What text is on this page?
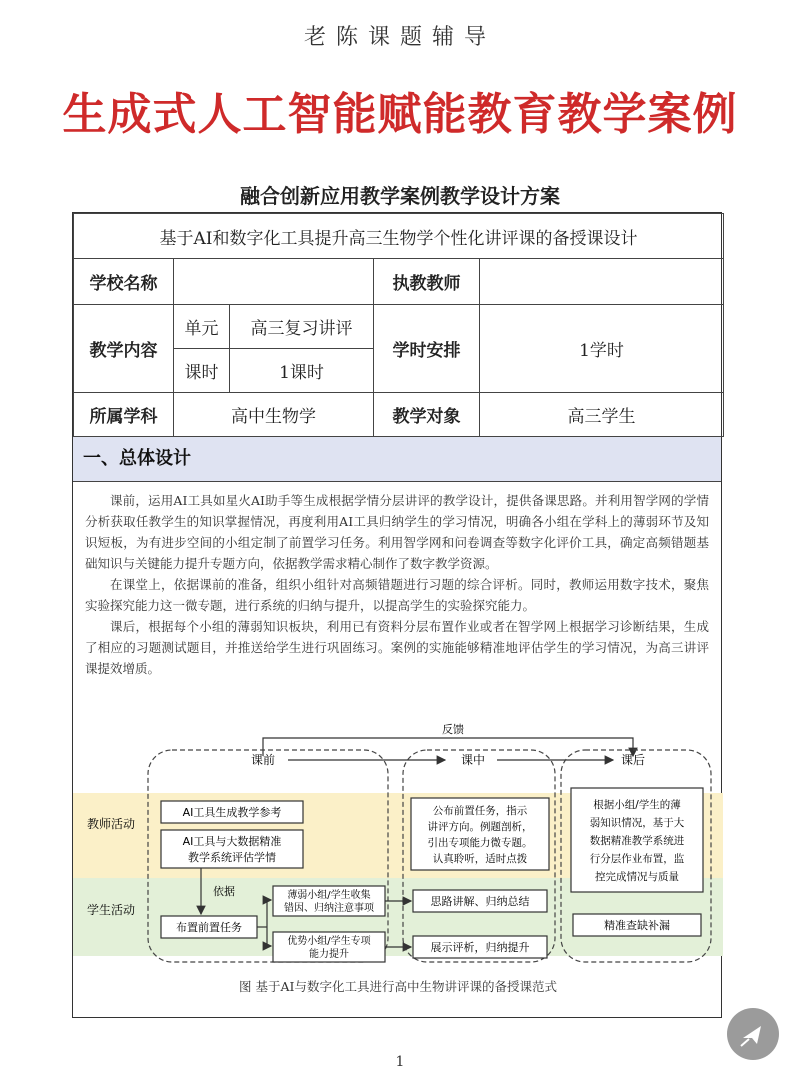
老陈课题辅导
生成式人工智能赋能教育教学案例
融合创新应用教学案例教学设计方案
基于AI和数字化工具提升高三生物学个性化讲评课的备授课设计				
学校名称			执教教师	
教学内容	单元	高三复习讲评	学时安排	1学时
	课时	1课时		
所属学科	高中生物学		教学对象	高三学生
一、总体设计

课前，运用AI工具如星火AI助手等生成根据学情分层讲评的教学设计，提供备课思路。并利用智学网的学情分析获取任教学生的知识掌握情况，再度利用AI工具归纳学生的学习情况，明确各小组在学科上的薄弱环节及知识短板，为有进步空间的小组定制了前置学习任务。利用智学网和问卷调查等数字化评价工具，确定高频错题基础知识与关键能力提升专题方向，依据教学需求精心制作了数字教学资源。

在课堂上，依据课前的准备，组织小组针对高频错题进行习题的综合评析。同时，教师运用数字技术，聚焦实验探究能力这一微专题，进行系统的归纳与提升，以提高学生的实验探究能力。

课后，根据每个小组的薄弱知识板块，利用已有资料分层布置作业或者在智学网上根据学习诊断结果，生成了相应的习题测试题目，并推送给学生进行巩固练习。案例的实施能够精准地评估学生的学习情况，为高三讲评课提效增质。

反馈
课前	课中	课后
教师活动
学生活动
AI工具生成教学参考
AI工具与大数据精准
教学系统评估学情
依据
布置前置任务
薄弱小组/学生收集
错因、归纳注意事项
优势小组/学生专项
能力提升
公布前置任务，指示
讲评方向。例题剖析，
引出专项能力微专题。
认真聆听，适时点拨
思路讲解、归纳总结
展示评析，归纳提升
根据小组/学生的薄
弱知识情况，基于大
数据精准教学系统进
行分层作业布置，监
控完成情况与质量
精准查缺补漏
图 基于AI与数字化工具进行高中生物讲评课的备授课范式
1
